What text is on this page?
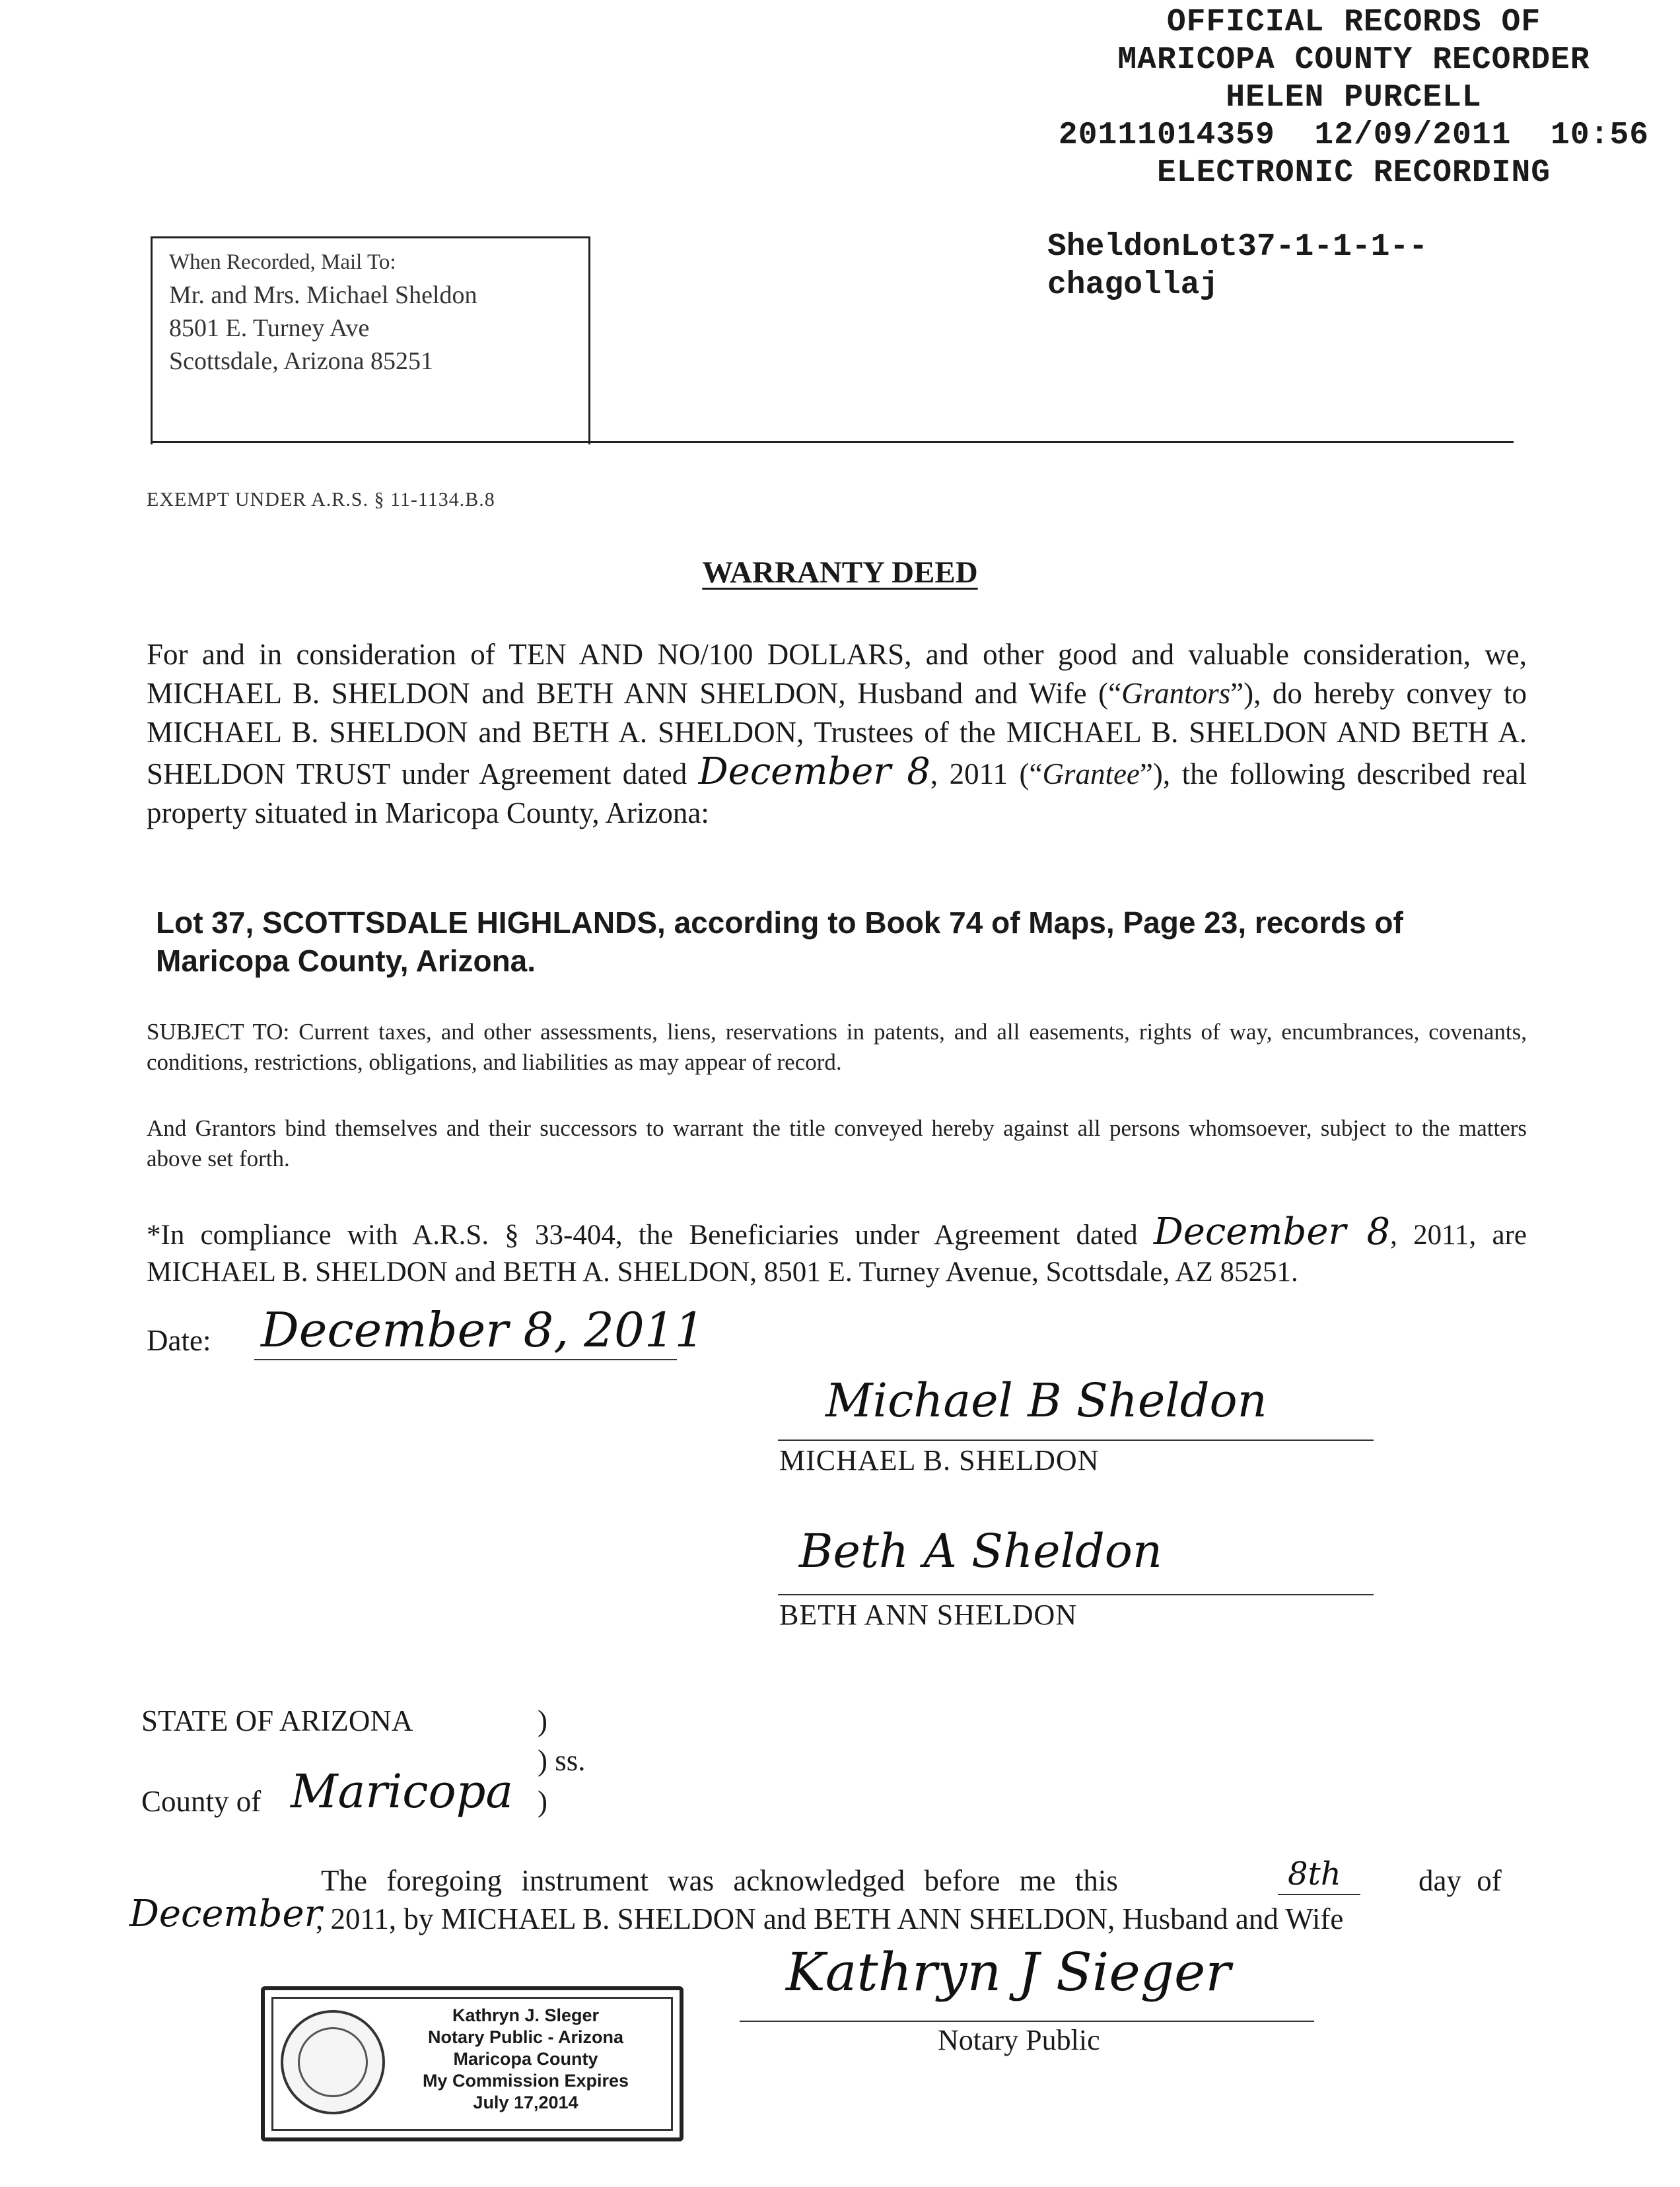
OFFICIAL RECORDS OF
MARICOPA COUNTY RECORDER
HELEN PURCELL
20111014359  12/09/2011  10:56
ELECTRONIC RECORDING
SheldonLot37-1-1-1--
chagollaj
When Recorded, Mail To:
Mr. and Mrs. Michael Sheldon
8501 E. Turney Ave
Scottsdale, Arizona 85251
EXEMPT UNDER A.R.S. § 11-1134.B.8
WARRANTY DEED
For and in consideration of TEN AND NO/100 DOLLARS, and other good and valuable consideration, we, MICHAEL B. SHELDON and BETH ANN SHELDON, Husband and Wife (“Grantors”), do hereby convey to MICHAEL B. SHELDON and BETH A. SHELDON, Trustees of the MICHAEL B. SHELDON AND BETH A. SHELDON TRUST under Agreement dated December 8, 2011 (“Grantee”), the following described real property situated in Maricopa County, Arizona:
Lot 37, SCOTTSDALE HIGHLANDS, according to Book 74 of Maps, Page 23, records of Maricopa County, Arizona.
SUBJECT TO: Current taxes, and other assessments, liens, reservations in patents, and all easements, rights of way, encumbrances, covenants, conditions, restrictions, obligations, and liabilities as may appear of record.
And Grantors bind themselves and their successors to warrant the title conveyed hereby against all persons whomsoever, subject to the matters above set forth.
*In compliance with A.R.S. § 33-404, the Beneficiaries under Agreement dated December 8, 2011, are MICHAEL B. SHELDON and BETH A. SHELDON, 8501 E. Turney Avenue, Scottsdale, AZ 85251.
Date: December 8, 2011
Michael B Sheldon
MICHAEL B. SHELDON
Beth A Sheldon
BETH ANN SHELDON
STATE OF ARIZONA	)
) ss.
County of Maricopa )
The foregoing instrument was acknowledged before me this	8th	day of
December
, 2011, by MICHAEL B. SHELDON and BETH ANN SHELDON, Husband and Wife
Kathryn J Sieger
Notary Public
Kathryn J. Sleger
Notary Public - Arizona
Maricopa County
My Commission Expires
July 17,2014
